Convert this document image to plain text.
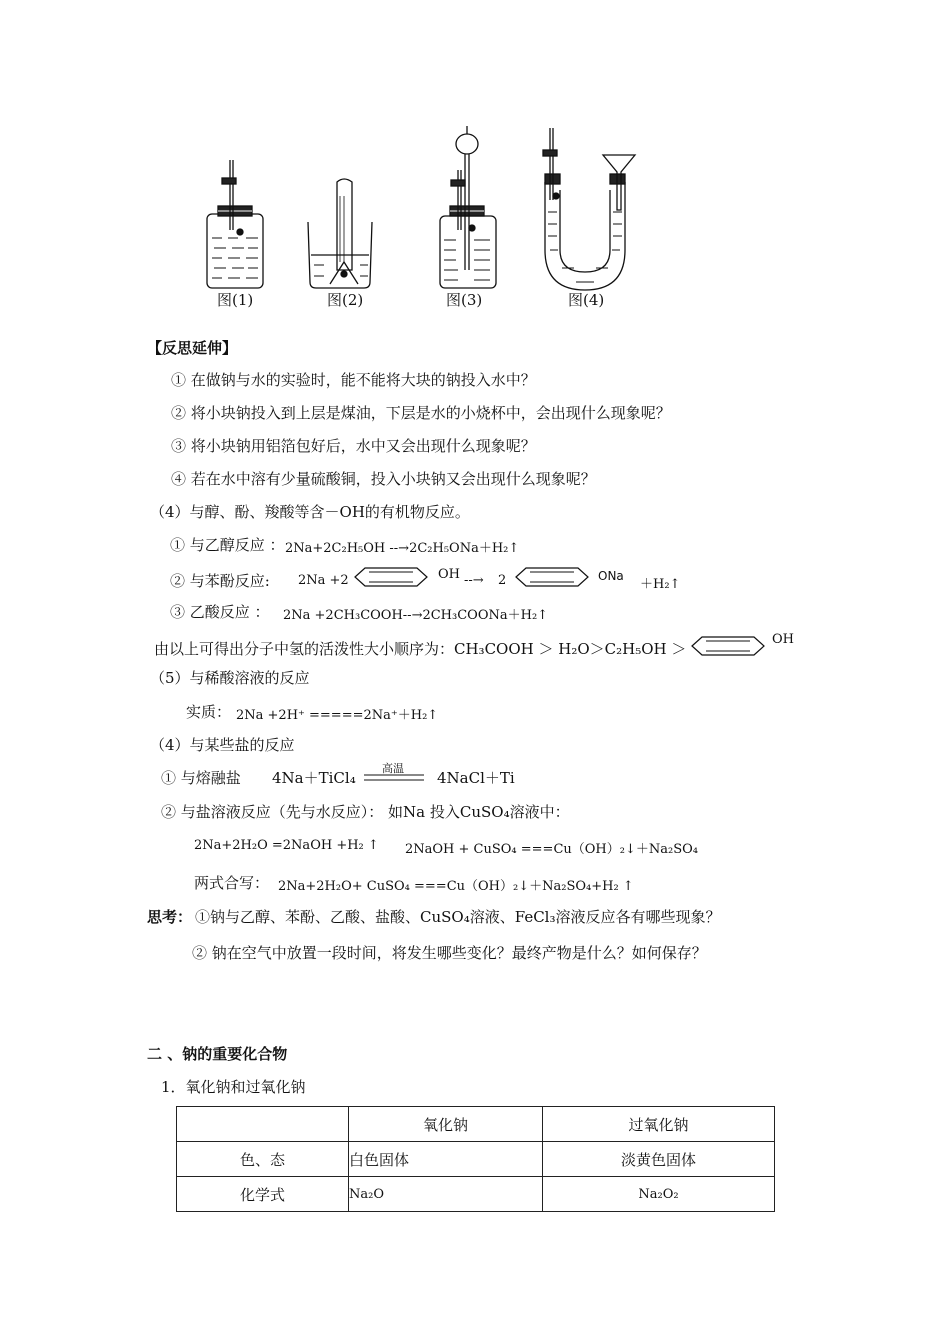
图(1)	图(2)	图(3)	图(4)
【反思延伸】
① 在做钠与水的实验时，能不能将大块的钠投入水中？
② 将小块钠投入到上层是煤油，下层是水的小烧杯中，会出现什么现象呢？
③ 将小块钠用铝箔包好后，水中又会出现什么现象呢？
④ 若在水中溶有少量硫酸铜，投入小块钠又会出现什么现象呢？
（4）与醇、酚、羧酸等含－OH的有机物反应。
① 与乙醇反应 ： 2Na+2C₂H₅OH --→2C₂H₅ONa＋H₂↑
② 与苯酚反应: 2Na +2	OH --→ 2	ONa
＋H₂↑
③ 乙酸反应 ： 2Na +2CH₃COOH--→2CH₃COONa＋H₂↑
由以上可得出分子中氢的活泼性大小顺序为：CH₃COOH ＞ H₂O＞C₂H₅OH ＞
OH
（5）与稀酸溶液的反应
实质： 2Na +2H⁺ =====2Na⁺＋H₂↑
（4）与某些盐的反应
① 与熔融盐 4Na＋TiCl₄
高温
4NaCl＋Ti
② 与盐溶液反应（先与水反应）： 如Na 投入CuSO₄溶液中：
2Na+2H₂O =2NaOH +H₂ ↑ 2NaOH + CuSO₄ ===Cu（OH）₂↓＋Na₂SO₄
两式合写： 2Na+2H₂O+ CuSO₄ ===Cu（OH）₂↓＋Na₂SO₄+H₂ ↑
思考： ①钠与乙醇、苯酚、乙酸、盐酸、CuSO₄溶液、FeCl₃溶液反应各有哪些现象？
② 钠在空气中放置一段时间，将发生哪些变化？最终产物是什么？如何保存？
二 、钠的重要化合物
1．氧化钠和过氧化钠
	氧化钠	过氧化钠
色、态	白色固体	淡黄色固体
化学式	Na₂O	Na₂O₂
